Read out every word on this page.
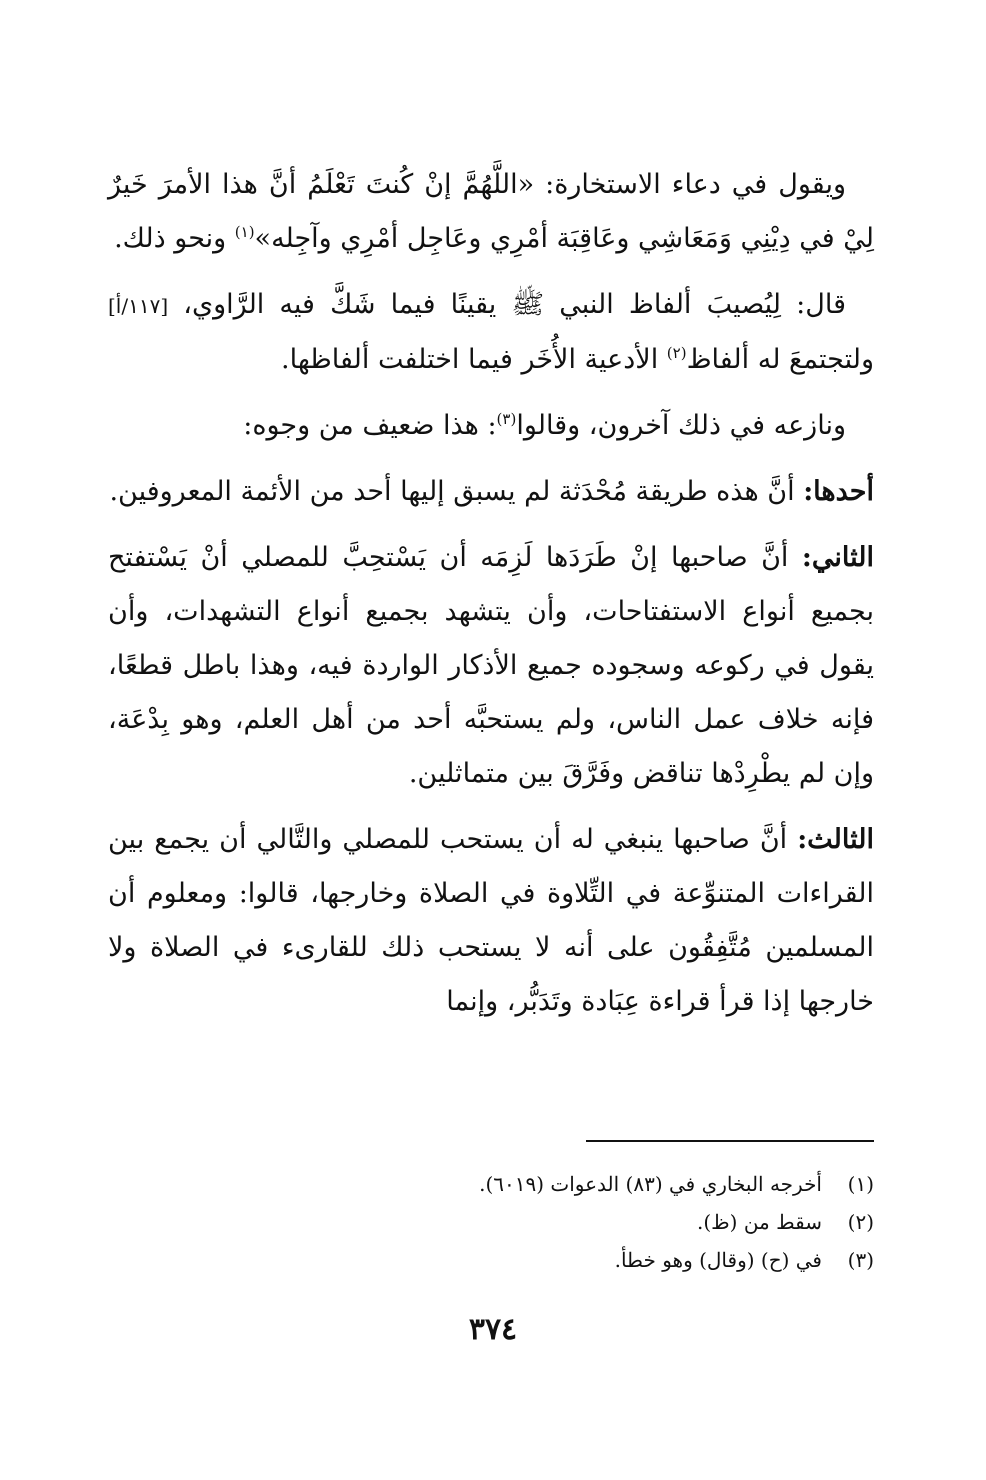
ويقول في دعاء الاستخارة: «اللَّهُمَّ إنْ كُنتَ تَعْلَمُ أنَّ هذا الأمرَ خَيرٌ لِيْ في دِيْنِي وَمَعَاشِي وعَاقِبَة أمْرِي وعَاجِل أمْرِي وآجِله»$^{(١)}$ ونحو ذلك.

قال: لِيُصيبَ ألفاظ النبي ﷺ يقينًا فيما شَكَّ فيه الرَّاوي، [١١٧/أ] ولتجتمعَ له ألفاظ$^{(٢)}$ الأدعية الأُخَر فيما اختلفت ألفاظها.

ونازعه في ذلك آخرون، وقالوا$^{(٣)}$: هذا ضعيف من وجوه:

أحدها: أنَّ هذه طريقة مُحْدَثة لم يسبق إليها أحد من الأئمة المعروفين.

الثاني: أنَّ صاحبها إنْ طَرَدَها لَزِمَه أن يَسْتحِبَّ للمصلي أنْ يَسْتفتح بجميع أنواع الاستفتاحات، وأن يتشهد بجميع أنواع التشهدات، وأن يقول في ركوعه وسجوده جميع الأذكار الواردة فيه، وهذا باطل قطعًا، فإنه خلاف عمل الناس، ولم يستحبَّه أحد من أهل العلم، وهو بِدْعَة، وإن لم يطْرِدْها تناقض وفَرَّقَ بين متماثلين.

الثالث: أنَّ صاحبها ينبغي له أن يستحب للمصلي والتَّالي أن يجمع بين القراءات المتنوِّعة في التِّلاوة في الصلاة وخارجها، قالوا: ومعلوم أن المسلمين مُتَّفِقُون على أنه لا يستحب ذلك للقارىء في الصلاة ولا خارجها إذا قرأ قراءة عِبَادة وتَدَبُّر، وإنما

(١)
أخرجه البخاري في (٨٣) الدعوات (٦٠١٩).
(٢)
سقط من (ظ).
(٣)
في (ح) (وقال) وهو خطأ.
٣٧٤
